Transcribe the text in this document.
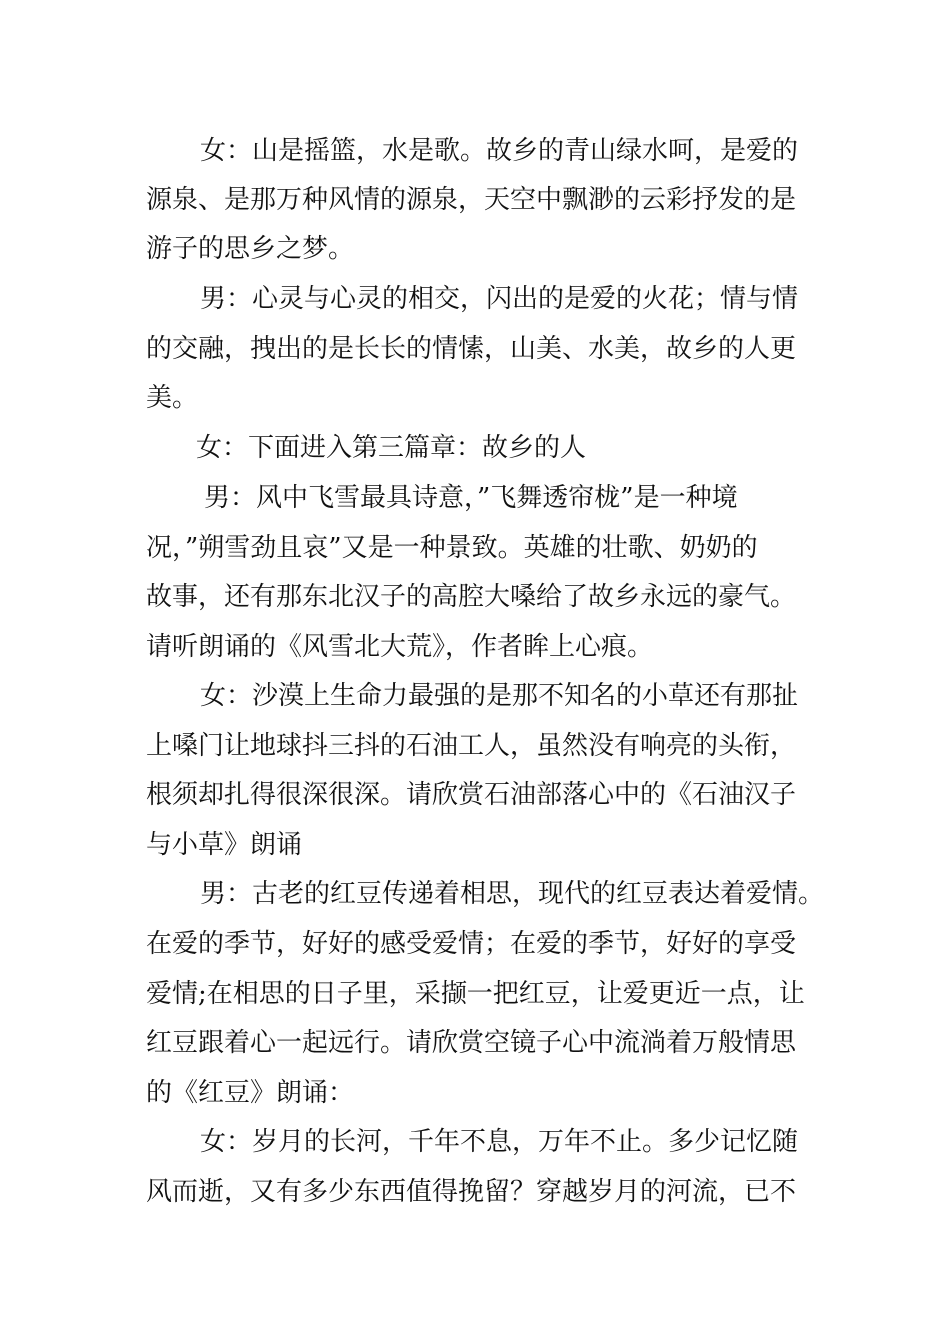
女：山是摇篮，水是歌。故乡的青山绿水呵，是爱的
源泉、是那万种风情的源泉，天空中飘渺的云彩抒发的是
游子的思乡之梦。
男：心灵与心灵的相交，闪出的是爱的火花；情与情
的交融，拽出的是长长的情愫，山美、水美，故乡的人更
美。
女：下面进入第三篇章：故乡的人
男：风中飞雪最具诗意，”飞舞透帘栊”是一种境
况，”朔雪劲且哀”又是一种景致。英雄的壮歌、奶奶的
故事，还有那东北汉子的高腔大嗓给了故乡永远的豪气。
请听朗诵的《风雪北大荒》，作者眸上心痕。
女：沙漠上生命力最强的是那不知名的小草还有那扯
上嗓门让地球抖三抖的石油工人，虽然没有响亮的头衔，
根须却扎得很深很深。请欣赏石油部落心中的《石油汉子
与小草》朗诵
男：古老的红豆传递着相思，现代的红豆表达着爱情。
在爱的季节，好好的感受爱情；在爱的季节，好好的享受
爱情;在相思的日子里，采撷一把红豆，让爱更近一点，让
红豆跟着心一起远行。请欣赏空镜子心中流淌着万般情思
的《红豆》朗诵：
女：岁月的长河，千年不息，万年不止。多少记忆随
风而逝，又有多少东西值得挽留？穿越岁月的河流，已不
